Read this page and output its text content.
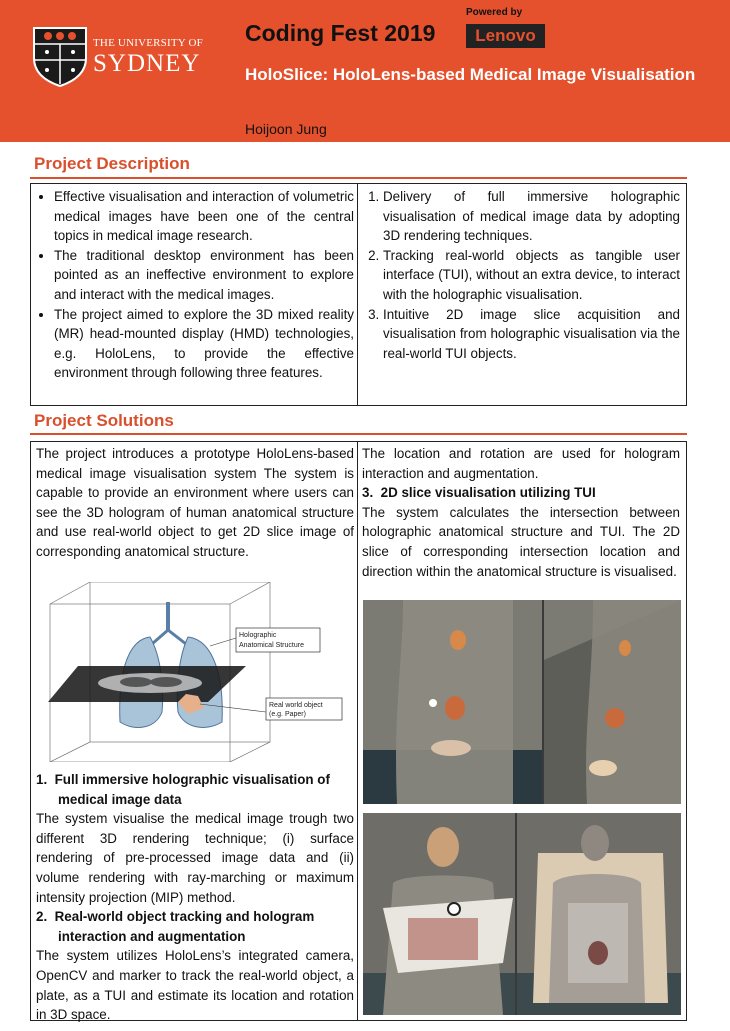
THE UNIVERSITY OF
SYDNEY
Coding Fest 2019
Powered by
Lenovo
HoloSlice: HoloLens-based Medical Image Visualisation
Hoijoon Jung
Project Description
• Effective visualisation and interaction of volumetric medical images have been one of the central topics in medical image research.
• The traditional desktop environment has been pointed as an ineffective environment to explore and interact with the medical images.
• The project aimed to explore the 3D mixed reality (MR) head-mounted display (HMD) technologies, e.g. HoloLens, to provide the effective environment through following three features.
1. Delivery of full immersive holographic visualisation of medical image data by adopting 3D rendering techniques.
2. Tracking real-world objects as tangible user interface (TUI), without an extra device, to interact with the holographic visualisation.
3. Intuitive 2D image slice acquisition and visualisation from holographic visualisation via the real-world TUI objects.
Project Solutions
The project introduces a prototype HoloLens-based medical image visualisation system The system is capable to provide an environment where users can see the 3D hologram of human anatomical structure and use real-world object to get 2D slice image of corresponding anatomical structure.
Holographic
Anatomical Structure
Real world object
(e.g. Paper)
1. Full immersive holographic visualisation of medical image data
The system visualise the medical image trough two different 3D rendering technique; (i) surface rendering of pre-processed image data and (ii) volume rendering with ray-marching or maximum intensity projection (MIP) method.
2. Real-world object tracking and hologram interaction and augmentation
The system utilizes HoloLens’s integrated camera, OpenCV and marker to track the real-world object, a plate, as a TUI and estimate its location and rotation in 3D space.
The location and rotation are used for hologram interaction and augmentation.
3. 2D slice visualisation utilizing TUI
The system calculates the intersection between holographic anatomical structure and TUI. The 2D slice of corresponding intersection location and direction within the anatomical structure is visualised.
